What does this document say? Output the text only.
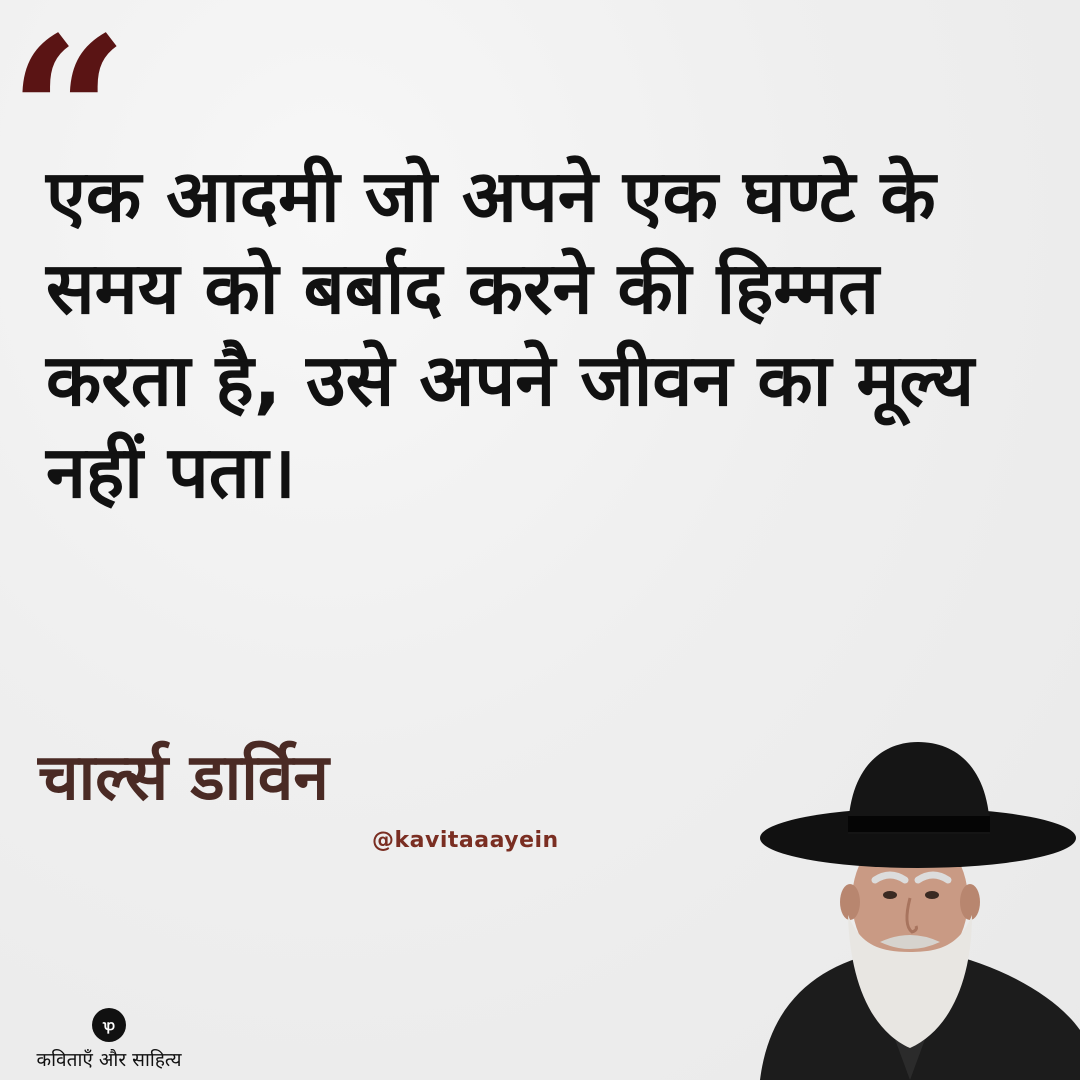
“
एक आदमी जो अपने एक घण्टे के
समय को बर्बाद करने की हिम्मत
करता है, उसे अपने जीवन का मूल्य
नहीं पता।
चार्ल्स डार्विन
@kavitaaayein
ꝕ
कविताएँ और साहित्य
